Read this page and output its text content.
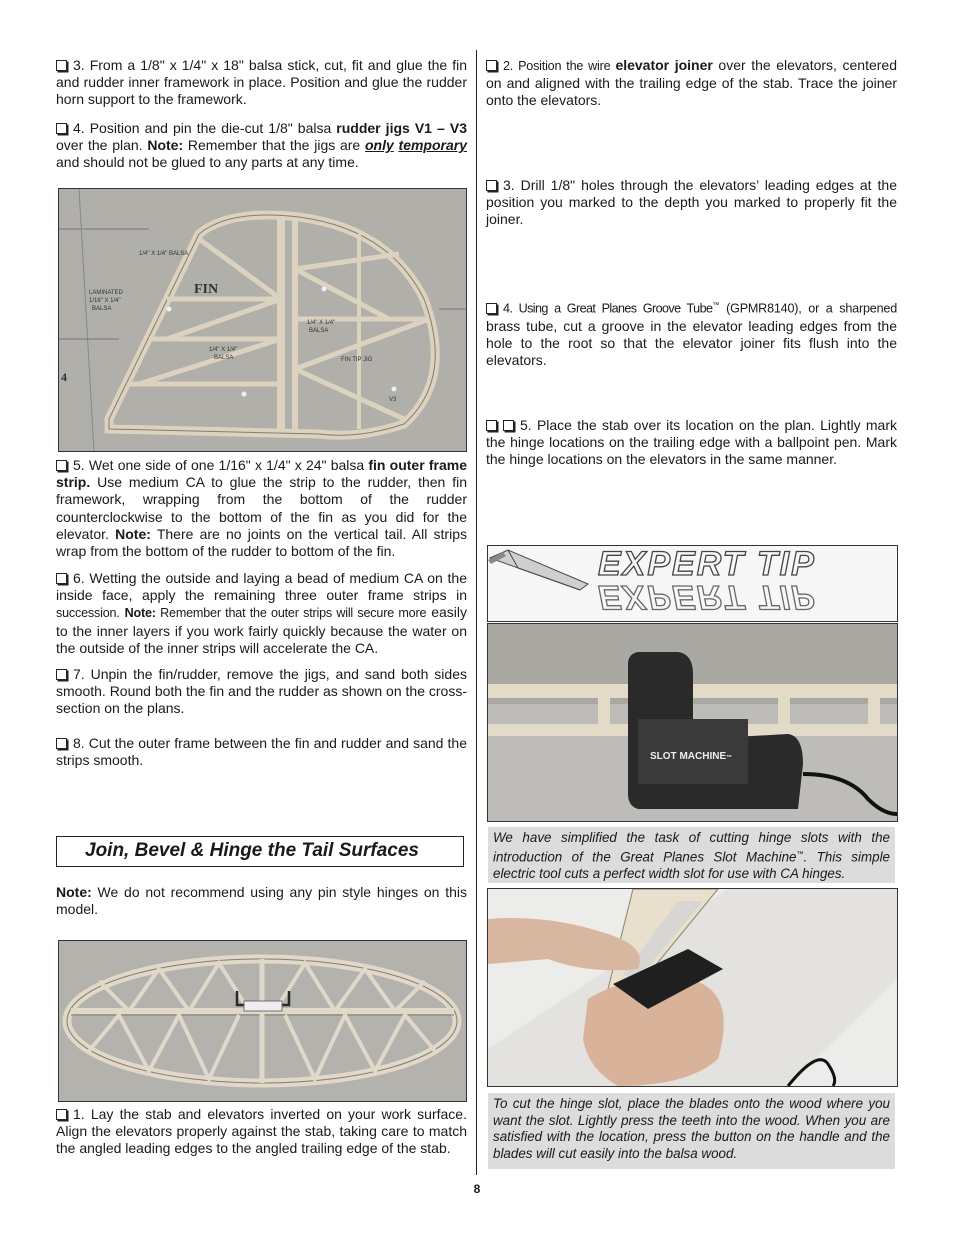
3. From a 1/8" x 1/4" x 18" balsa stick, cut, fit and glue the fin and rudder inner framework in place. Position and glue the rudder horn support to the framework.

4. Position and pin the die-cut 1/8" balsa rudder jigs V1 – V3 over the plan. Note: Remember that the jigs are only temporary and should not be glued to any parts at any time.

FIN
LAMINATED
1/16" X 1/4"
BALSA
1/4" X 1/4"
BALSA
1/4" X 1/4" BALSA
1/4" X 1/4"
BALSA
FIN TIP JIG
V3
4

5. Wet one side of one 1/16" x 1/4" x 24" balsa fin outer frame strip. Use medium CA to glue the strip to the rudder, then fin framework, wrapping from the bottom of the rudder counterclockwise to the bottom of the fin as you did for the elevator. Note: There are no joints on the vertical tail. All strips wrap from the bottom of the rudder to bottom of the fin.

6. Wetting the outside and laying a bead of medium CA on the inside face, apply the remaining three outer frame strips in succession. Note: Remember that the outer strips will secure more easily to the inner layers if you work fairly quickly because the water on the outside of the inner strips will accelerate the CA.

7. Unpin the fin/rudder, remove the jigs, and sand both sides smooth. Round both the fin and the rudder as shown on the cross-section on the plans.

8. Cut the outer frame between the fin and rudder and sand the strips smooth.

Join, Bevel & Hinge the Tail Surfaces

Note: We do not recommend using any pin style hinges on this model.

1. Lay the stab and elevators inverted on your work surface. Align the elevators properly against the stab, taking care to match the angled leading edges to the angled trailing edge of the stab.

2. Position the wire elevator joiner over the elevators, centered on and aligned with the trailing edge of the stab. Trace the joiner onto the elevators.

3. Drill 1/8" holes through the elevators’ leading edges at the position you marked to the depth you marked to properly fit the joiner.

4. Using a Great Planes Groove Tube™ (GPMR8140), or a sharpened brass tube, cut a groove in the elevator leading edges from the hole to the root so that the elevator joiner fits flush into the elevators.

5. Place the stab over its location on the plan. Lightly mark the hinge locations on the trailing edge with a ballpoint pen. Mark the hinge locations on the elevators in the same manner.

EXPERT TIP
EXPERT TIP
SLOT MACHINE™
We have simplified the task of cutting hinge slots with the introduction of the Great Planes Slot Machine™. This simple electric tool cuts a perfect width slot for use with CA hinges.
To cut the hinge slot, place the blades onto the wood where you want the slot. Lightly press the teeth into the wood. When you are satisfied with the location, press the button on the handle and the blades will cut easily into the balsa wood.
8
